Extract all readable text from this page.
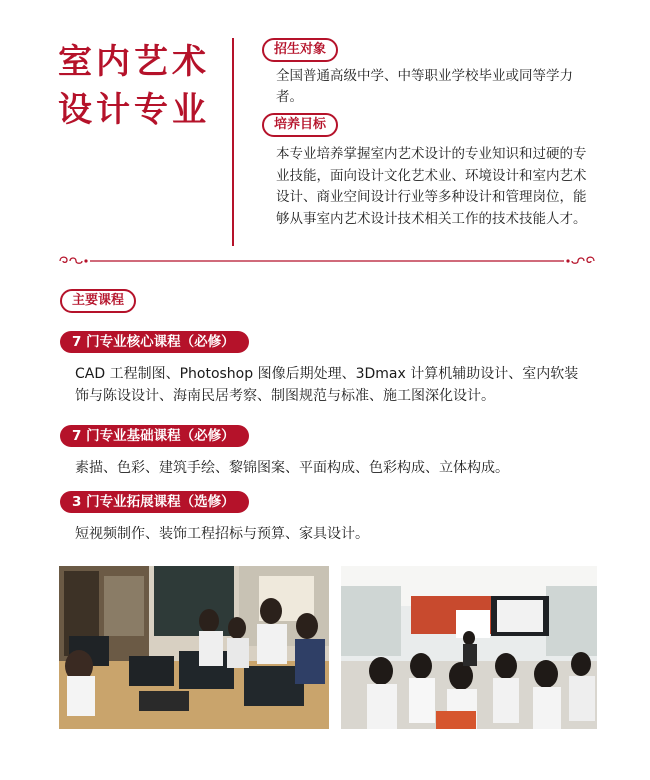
室内艺术
设计专业
招生对象
全国普通高级中学、中等职业学校毕业或同等学力者。
培养目标
本专业培养掌握室内艺术设计的专业知识和过硬的专业技能，面向设计文化艺术业、环境设计和室内艺术设计、商业空间设计行业等多种设计和管理岗位，能够从事室内艺术设计技术相关工作的技术技能人才。
主要课程
7 门专业核心课程（必修）
CAD 工程制图、Photoshop 图像后期处理、3Dmax 计算机辅助设计、室内软装饰与陈设设计、海南民居考察、制图规范与标准、施工图深化设计。
7 门专业基础课程（必修）
素描、色彩、建筑手绘、黎锦图案、平面构成、色彩构成、立体构成。
3 门专业拓展课程（选修）
短视频制作、装饰工程招标与预算、家具设计。
